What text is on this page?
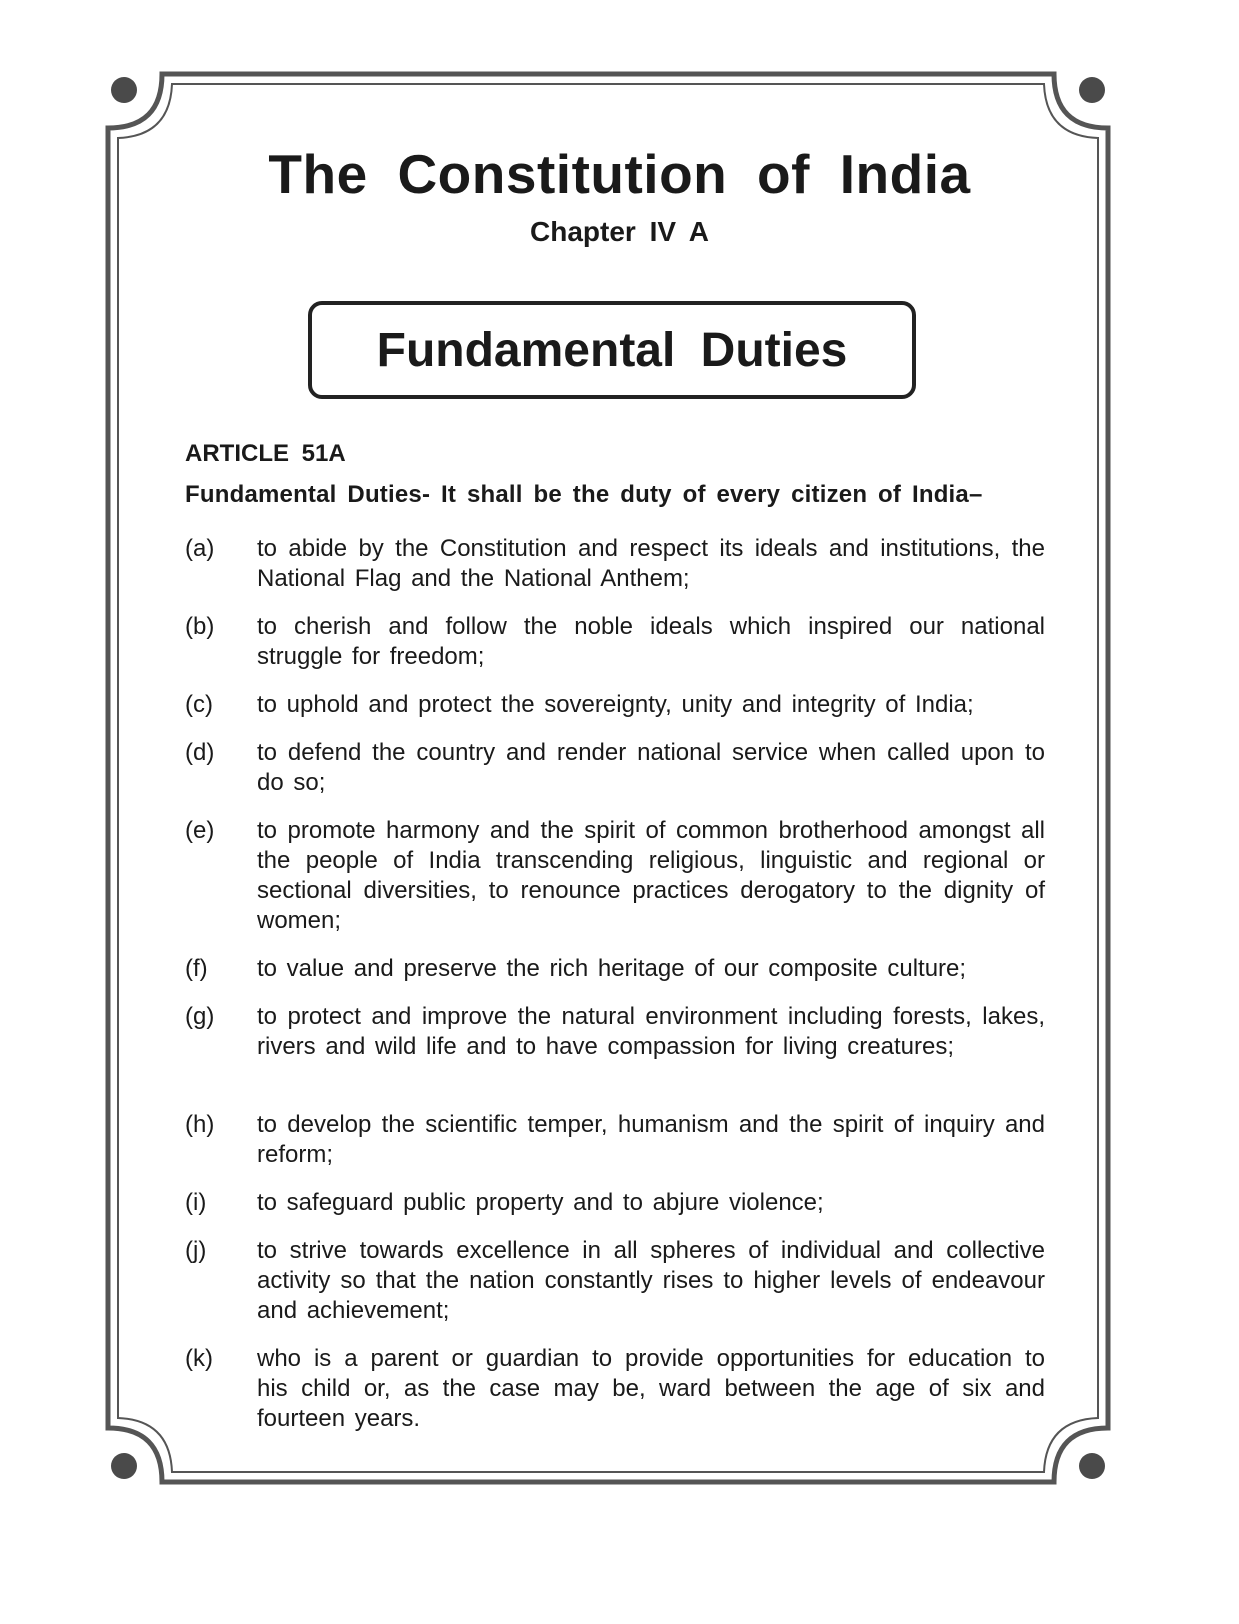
The Constitution of India
Chapter IV A
Fundamental Duties
ARTICLE 51A
Fundamental Duties- It shall be the duty of every citizen of India–
(a) to abide by the Constitution and respect its ideals and institutions, the National Flag and the National Anthem;
(b) to cherish and follow the noble ideals which inspired our national struggle for freedom;
(c) to uphold and protect the sovereignty, unity and integrity of India;
(d) to defend the country and render national service when called upon to do so;
(e) to promote harmony and the spirit of common brotherhood amongst all the people of India transcending religious, linguistic and regional or sectional diversities, to renounce practices derogatory to the dignity of women;
(f) to value and preserve the rich heritage of our composite culture;
(g) to protect and improve the natural environment including forests, lakes, rivers and wild life and to have compassion for living creatures;
(h) to develop the scientific temper, humanism and the spirit of inquiry and reform;
(i) to safeguard public property and to abjure violence;
(j) to strive towards excellence in all spheres of individual and collective activity so that the nation constantly rises to higher levels of endeavour and achievement;
(k) who is a parent or guardian to provide opportunities for education to his child or, as the case may be, ward between the age of six and fourteen years.
